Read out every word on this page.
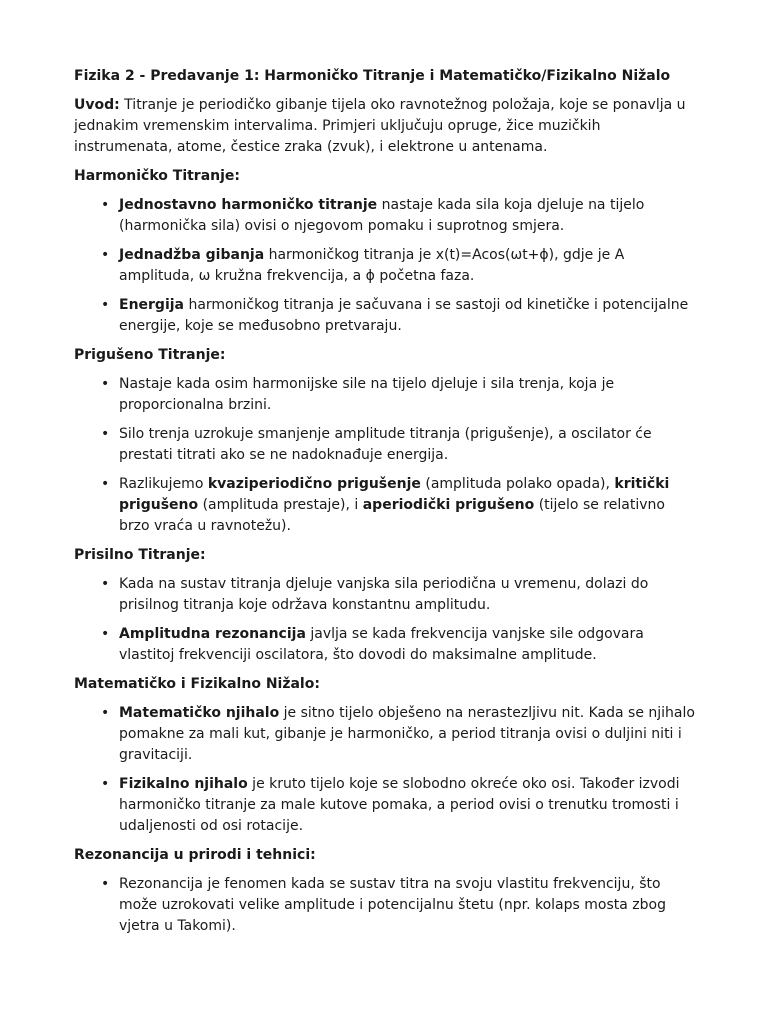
Fizika 2 - Predavanje 1: Harmoničko Titranje i Matematičko/Fizikalno Nižalo

Uvod: Titranje je periodičko gibanje tijela oko ravnotežnog položaja, koje se ponavlja u jednakim vremenskim intervalima. Primjeri uključuju opruge, žice muzičkih instrumenata, atome, čestice zraka (zvuk), i elektrone u antenama.

Harmoničko Titranje:

• Jednostavno harmoničko titranje nastaje kada sila koja djeluje na tijelo (harmonička sila) ovisi o njegovom pomaku i suprotnog smjera.
• Jednadžba gibanja harmoničkog titranja je x(t)=Acos(ωt+ϕ), gdje je A amplituda, ω kružna frekvencija, a ϕ početna faza.
• Energija harmoničkog titranja je sačuvana i se sastoji od kinetičke i potencijalne energije, koje se međusobno pretvaraju.

Prigušeno Titranje:

• Nastaje kada osim harmonijske sile na tijelo djeluje i sila trenja, koja je proporcionalna brzini.
• Silo trenja uzrokuje smanjenje amplitude titranja (prigušenje), a oscilator će prestati titrati ako se ne nadoknađuje energija.
• Razlikujemo kvaziperiodično prigušenje (amplituda polako opada), kritički prigušeno (amplituda prestaje), i aperiodički prigušeno (tijelo se relativno brzo vraća u ravnotežu).

Prisilno Titranje:

• Kada na sustav titranja djeluje vanjska sila periodična u vremenu, dolazi do prisilnog titranja koje održava konstantnu amplitudu.
• Amplitudna rezonancija javlja se kada frekvencija vanjske sile odgovara vlastitoj frekvenciji oscilatora, što dovodi do maksimalne amplitude.

Matematičko i Fizikalno Nižalo:

• Matematičko njihalo je sitno tijelo obješeno na nerastezljivu nit. Kada se njihalo pomakne za mali kut, gibanje je harmoničko, a period titranja ovisi o duljini niti i gravitaciji.
• Fizikalno njihalo je kruto tijelo koje se slobodno okreće oko osi. Također izvodi harmoničko titranje za male kutove pomaka, a period ovisi o trenutku tromosti i udaljenosti od osi rotacije.

Rezonancija u prirodi i tehnici:

• Rezonancija je fenomen kada se sustav titra na svoju vlastitu frekvenciju, što može uzrokovati velike amplitude i potencijalnu štetu (npr. kolaps mosta zbog vjetra u Takomi).
